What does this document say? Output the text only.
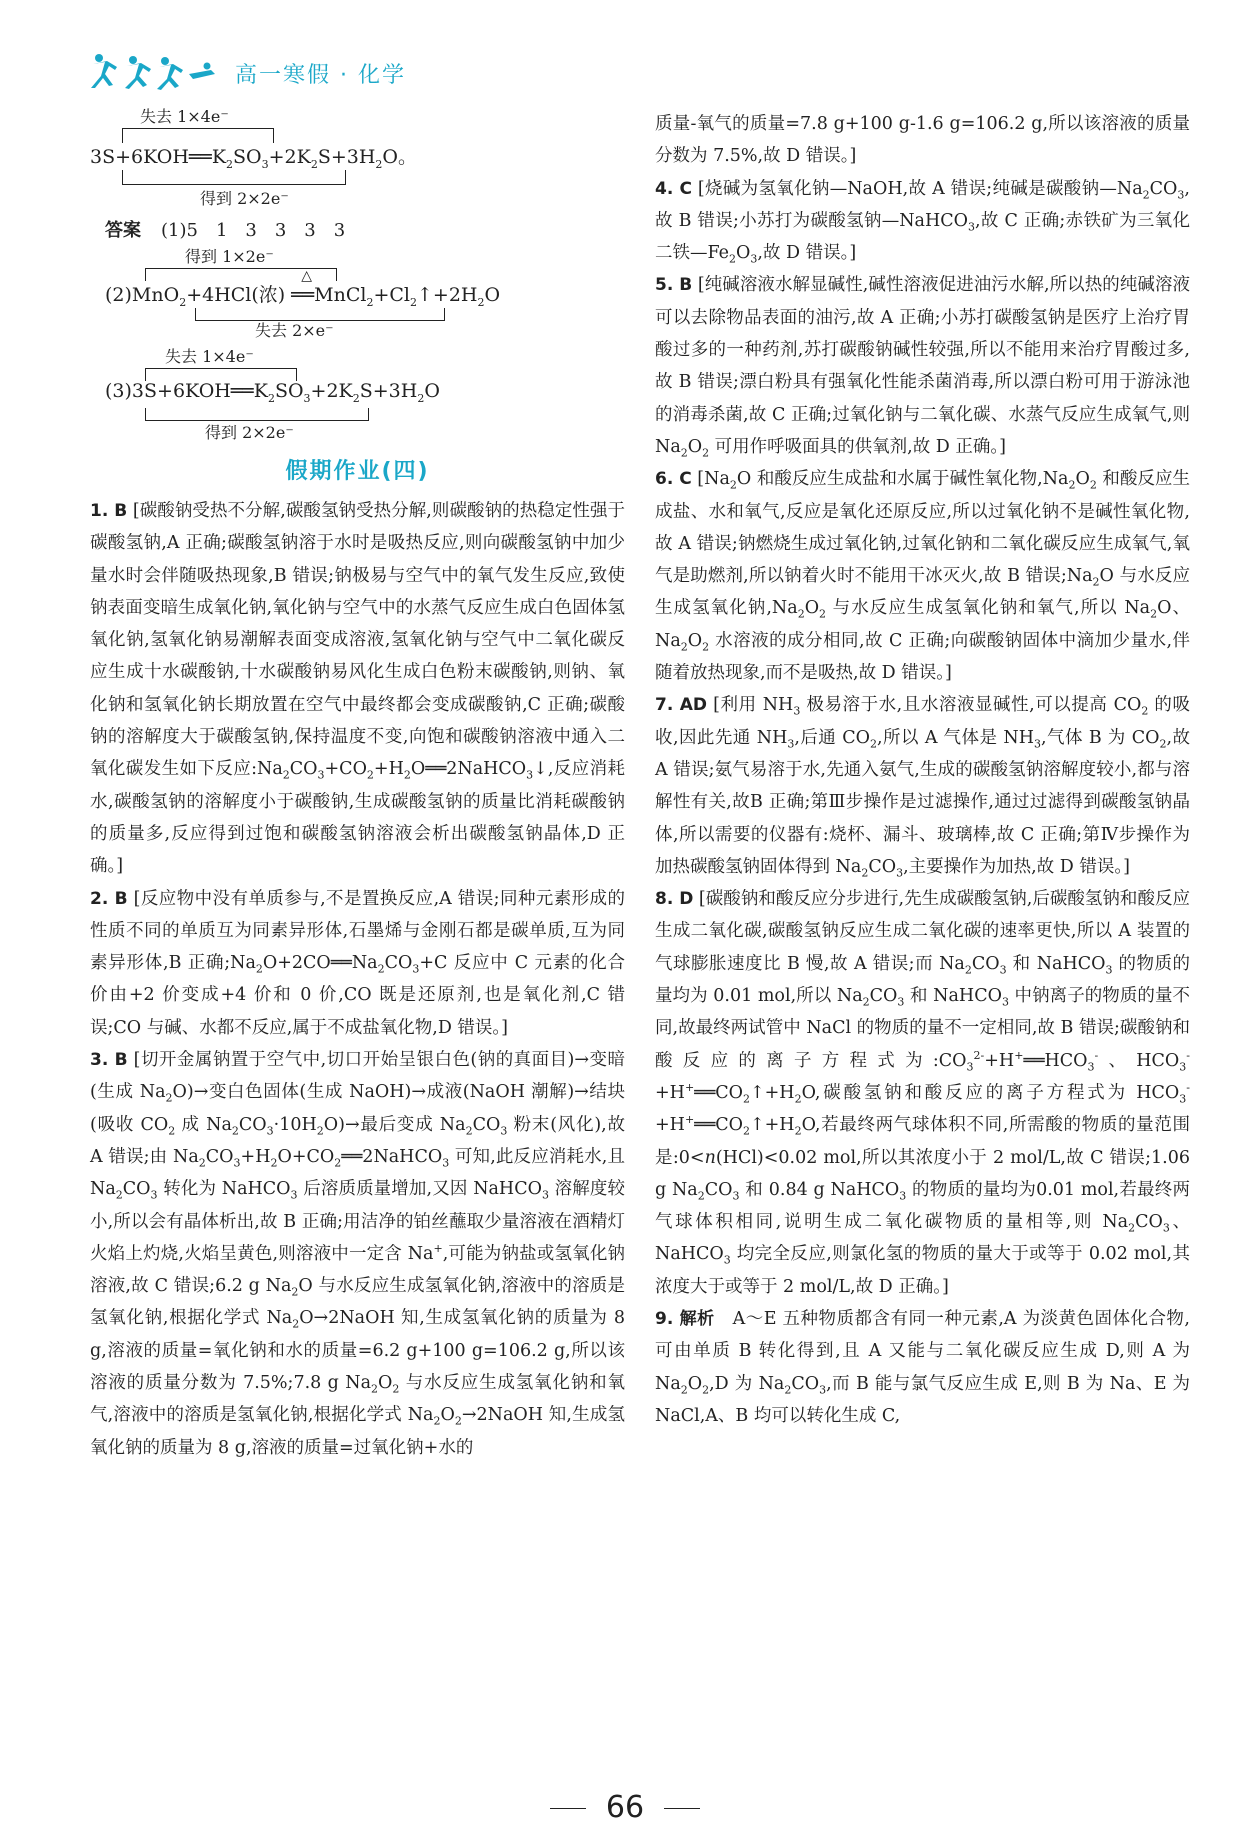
高一寒假 · 化学
失去 1×4e⁻
$3S+6KOH══K_2SO_3+2K_2S+3H_2O$。
得到 2×2e⁻
答案 (1)5　1　3　3　3　3
得到 1×2e⁻
(2)MnO$_2$+4HCl(浓)
△
$══MnCl_2+Cl_2↑+2H_2O$
失去 2×e⁻
失去 1×4e⁻
$(3)3S+6KOH══K_2SO_3+2K_2S+3H_2O$
得到 2×2e⁻
假期作业(四)

1. B [碳酸钠受热不分解,碳酸氢钠受热分解,则碳酸钠的热稳定性强于碳酸氢钠,A 正确;碳酸氢钠溶于水时是吸热反应,则向碳酸氢钠中加少量水时会伴随吸热现象,B 错误;钠极易与空气中的氧气发生反应,致使钠表面变暗生成氧化钠,氧化钠与空气中的水蒸气反应生成白色固体氢氧化钠,氢氧化钠易潮解表面变成溶液,氢氧化钠与空气中二氧化碳反应生成十水碳酸钠,十水碳酸钠易风化生成白色粉末碳酸钠,则钠、氧化钠和氢氧化钠长期放置在空气中最终都会变成碳酸钠,C 正确;碳酸钠的溶解度大于碳酸氢钠,保持温度不变,向饱和碳酸钠溶液中通入二氧化碳发生如下反应$:Na_2CO_3+CO_2+H_2O══2NaHCO_3↓$,反应消耗水,碳酸氢钠的溶解度小于碳酸钠,生成碳酸氢钠的质量比消耗碳酸钠的质量多,反应得到过饱和碳酸氢钠溶液会析出碳酸氢钠晶体,D 正确。]

2. B [反应物中没有单质参与,不是置换反应,A 错误;同种元素形成的性质不同的单质互为同素异形体,石墨烯与金刚石都是碳单质,互为同素异形体,B 正确$;Na_2O+2CO══Na_2CO_3+C$ 反应中 C 元素的化合价由+2 价变成+4 价和 0 价,CO 既是还原剂,也是氧化剂,C 错误;CO 与碱、水都不反应,属于不成盐氧化物,D 错误。]

3. B [切开金属钠置于空气中,切口开始呈银白色(钠的真面目)→变暗(生成 $Na_2O)\to$变白色固体(生成 NaOH)→成液(NaOH 潮解)→结块(吸收 $CO_2$ 成 $Na_2CO_3\cdot 10H_2O)\to$最后变成 $Na_2CO_3$ 粉末(风化),故 A 错误;由 $Na_2CO_3+H_2O+CO_2══2NaHCO_3$ 可知,此反应消耗水,且 $Na_2CO_3$ 转化为 NaHCO$_3$ 后溶质质量增加,又因 NaHCO$_3$ 溶解度较小,所以会有晶体析出,故 B 正确;用洁净的铂丝蘸取少量溶液在酒精灯火焰上灼烧,火焰呈黄色,则溶液中一定含 Na+,可能为钠盐或氢氧化钠溶液,故 C 错误;6.2 g $Na_2O$ 与水反应生成氢氧化钠,溶液中的溶质是氢氧化钠,根据化学式 $Na_2O\to 2NaOH$ 知,生成氢氧化钠的质量为 8 g,溶液的质量=氧化钠和水的质量=6.2 g+100 g=106.2 g,所以该溶液的质量分数为 7.5%;7.8 g $Na_2O_2$ 与水反应生成氢氧化钠和氧气,溶液中的溶质是氢氧化钠,根据化学式 $Na_2O_2\to 2NaOH$ 知,生成氢氧化钠的质量为 8 g,溶液的质量=过氧化钠+水的

质量-氧气的质量=7.8 g+100 g-1.6 g=106.2 g,所以该溶液的质量分数为 7.5%,故 D 错误。]

4. C [烧碱为氢氧化钠—NaOH,故 A 错误;纯碱是碳酸钠$—Na_2CO_3$,故 B 错误;小苏打为碳酸氢钠—NaHCO$_3$,故 C 正确;赤铁矿为三氧化二铁$—Fe_2O_3$,故 D 错误。]

5. B [纯碱溶液水解显碱性,碱性溶液促进油污水解,所以热的纯碱溶液可以去除物品表面的油污,故 A 正确;小苏打碳酸氢钠是医疗上治疗胃酸过多的一种药剂,苏打碳酸钠碱性较强,所以不能用来治疗胃酸过多,故 B 错误;漂白粉具有强氧化性能杀菌消毒,所以漂白粉可用于游泳池的消毒杀菌,故 C 正确;过氧化钠与二氧化碳、水蒸气反应生成氧气,则 $Na_2O_2$ 可用作呼吸面具的供氧剂,故 D 正确。]

6. C [$Na_2O$ 和酸反应生成盐和水属于碱性氧化物$,Na_2O_2$ 和酸反应生成盐、水和氧气,反应是氧化还原反应,所以过氧化钠不是碱性氧化物,故 A 错误;钠燃烧生成过氧化钠,过氧化钠和二氧化碳反应生成氧气,氧气是助燃剂,所以钠着火时不能用干冰灭火,故 B 错误$;Na_2O$ 与水反应生成氢氧化钠$,Na_2O_2$ 与水反应生成氢氧化钠和氧气,所以 $Na_2O$、$Na_2O_2$ 水溶液的成分相同,故 C 正确;向碳酸钠固体中滴加少量水,伴随着放热现象,而不是吸热,故 D 错误。]

7. AD [利用 $NH_3$ 极易溶于水,且水溶液显碱性,可以提高 $CO_2$ 的吸收,因此先通 $NH_3$,后通 $CO_2$,所以 A 气体是 $NH_3$,气体 B 为 $CO_2$,故 A 错误;氨气易溶于水,先通入氨气,生成的碳酸氢钠溶解度较小,都与溶解性有关,故B 正确;第Ⅲ步操作是过滤操作,通过过滤得到碳酸氢钠晶体,所以需要的仪器有:烧杯、漏斗、玻璃棒,故 C 正确;第Ⅳ步操作为加热碳酸氢钠固体得到 $Na_2CO_3$,主要操作为加热,故 D 错误。]

8. D [碳酸钠和酸反应分步进行,先生成碳酸氢钠,后碳酸氢钠和酸反应生成二氧化碳,碳酸氢钠反应生成二氧化碳的速率更快,所以 A 装置的气球膨胀速度比 B 慢,故 A 错误;而 $Na_2CO_3$ 和 NaHCO$_3$ 的物质的量均为 0.01 mol,所以 $Na_2CO_3$ 和 NaHCO$_3$ 中钠离子的物质的量不同,故最终两试管中 NaCl 的物质的量不一定相同,故 B 错误;碳酸钠和酸反应的离子方程式为$:CO_3^{2-}+H^+══HCO_3^-$、$HCO_3^-+H^+══CO_2↑+H_2O$,碳酸氢钠和酸反应的离子方程式为 $HCO_3^-+H^+══CO_2↑+H_2O$,若最终两气球体积不同,所需酸的物质的量范围是:0<n(HCl)<0.02 mol,所以其浓度小于 2 mol/L,故 C 错误;1.06 g $Na_2CO_3$ 和 0.84 g NaHCO$_3$ 的物质的量均为0.01 mol,若最终两气球体积相同,说明生成二氧化碳物质的量相等,则 $Na_2CO_3$、NaHCO$_3$ 均完全反应,则氯化氢的物质的量大于或等于 0.02 mol,其浓度大于或等于 2 mol/L,故 D 正确。]

9. 解析　A～E 五种物质都含有同一种元素,A 为淡黄色固体化合物,可由单质 B 转化得到,且 A 又能与二氧化碳反应生成 D,则 A 为 $Na_2O_2,D$ 为 $Na_2CO_3$,而 B 能与氯气反应生成 E,则 B 为 Na、E 为 NaCl,A、B 均可以转化生成 C,

66
